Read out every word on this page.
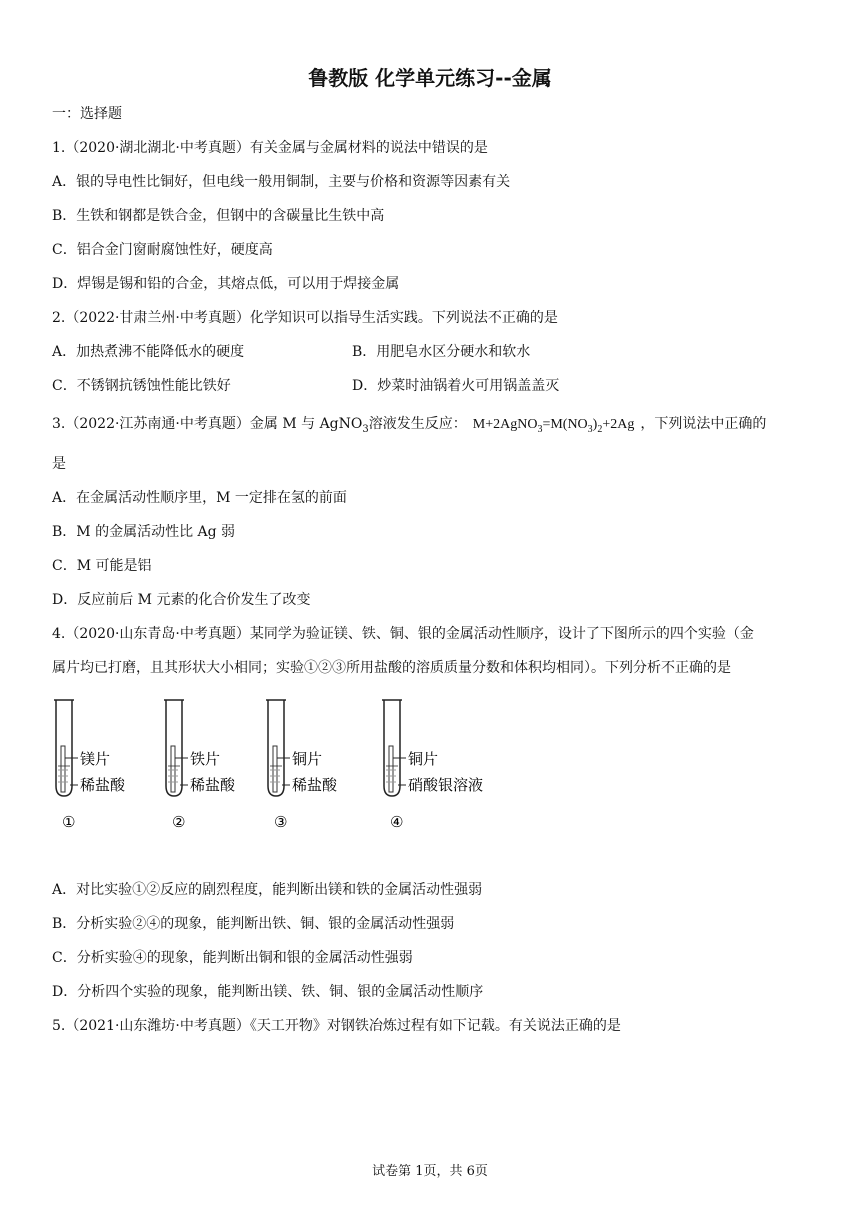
鲁教版 化学单元练习--金属
一：选择题
1.（2020·湖北湖北·中考真题）有关金属与金属材料的说法中错误的是
A．银的导电性比铜好，但电线一般用铜制，主要与价格和资源等因素有关
B．生铁和钢都是铁合金，但钢中的含碳量比生铁中高
C．铝合金门窗耐腐蚀性好，硬度高
D．焊锡是锡和铅的合金，其熔点低，可以用于焊接金属
2.（2022·甘肃兰州·中考真题）化学知识可以指导生活实践。下列说法不正确的是
A．加热煮沸不能降低水的硬度	B．用肥皂水区分硬水和软水
C．不锈钢抗锈蚀性能比铁好	D．炒菜时油锅着火可用锅盖盖灭
3.（2022·江苏南通·中考真题）金属 M 与 AgNO$_3$溶液发生反应： $M+2AgNO_3=M(NO_3)_2+2Ag$ ，下列说法中正确的
是
A．在金属活动性顺序里，M 一定排在氢的前面
B．M 的金属活动性比 Ag 弱
C．M 可能是铝
D．反应前后 M 元素的化合价发生了改变
4.（2020·山东青岛·中考真题）某同学为验证镁、铁、铜、银的金属活动性顺序，设计了下图所示的四个实验（金
属片均已打磨，且其形状大小相同；实验①②③所用盐酸的溶质质量分数和体积均相同）。下列分析不正确的是
镁片
稀盐酸
①
铁片
稀盐酸
②
铜片
稀盐酸
③
铜片
硝酸银溶液
④
A．对比实验①②反应的剧烈程度，能判断出镁和铁的金属活动性强弱
B．分析实验②④的现象，能判断出铁、铜、银的金属活动性强弱
C．分析实验④的现象，能判断出铜和银的金属活动性强弱
D．分析四个实验的现象，能判断出镁、铁、铜、银的金属活动性顺序
5.（2021·山东潍坊·中考真题）《天工开物》对钢铁冶炼过程有如下记载。有关说法正确的是
试卷第 1页，共 6页
